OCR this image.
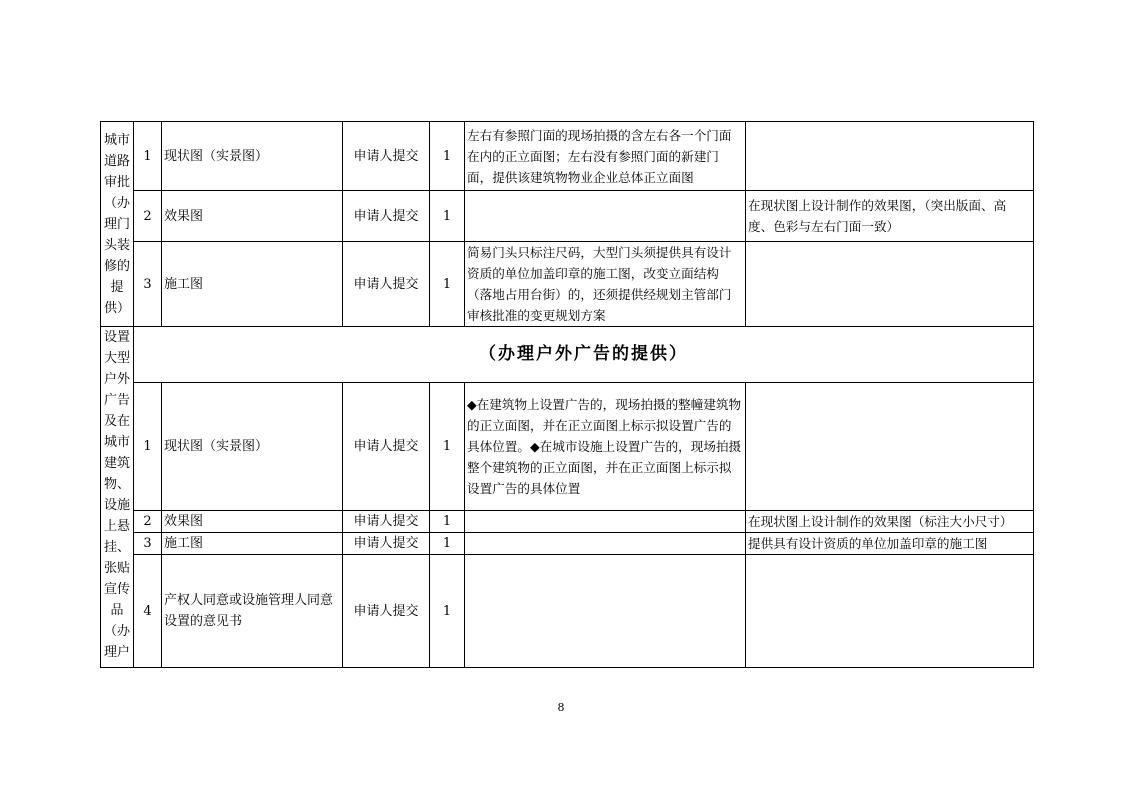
城市道路审批（办理门头装修的提供）	1	现状图（实景图）	申请人提交	1	左右有参照门面的现场拍摄的含左右各一个门面在内的正立面图；左右没有参照门面的新建门面，提供该建筑物物业企业总体正立面图	
	2	效果图	申请人提交	1		在现状图上设计制作的效果图，（突出版面、高度、色彩与左右门面一致）
	3	施工图	申请人提交	1	简易门头只标注尺码，大型门头须提供具有设计资质的单位加盖印章的施工图，改变立面结构（落地占用台街）的，还须提供经规划主管部门审核批准的变更规划方案	
设置大型户外广告及在城市建筑物、设施上悬挂、张贴宣传品（办理户	（办理户外广告的提供）					
	1	现状图（实景图）	申请人提交	1	◆在建筑物上设置广告的，现场拍摄的整幢建筑物的正立面图，并在正立面图上标示拟设置广告的具体位置。◆在城市设施上设置广告的，现场拍摄整个建筑物的正立面图，并在正立面图上标示拟设置广告的具体位置	
	2	效果图	申请人提交	1		在现状图上设计制作的效果图（标注大小尺寸）
	3	施工图	申请人提交	1		提供具有设计资质的单位加盖印章的施工图
	4	产权人同意或设施管理人同意设置的意见书	申请人提交	1		
8
